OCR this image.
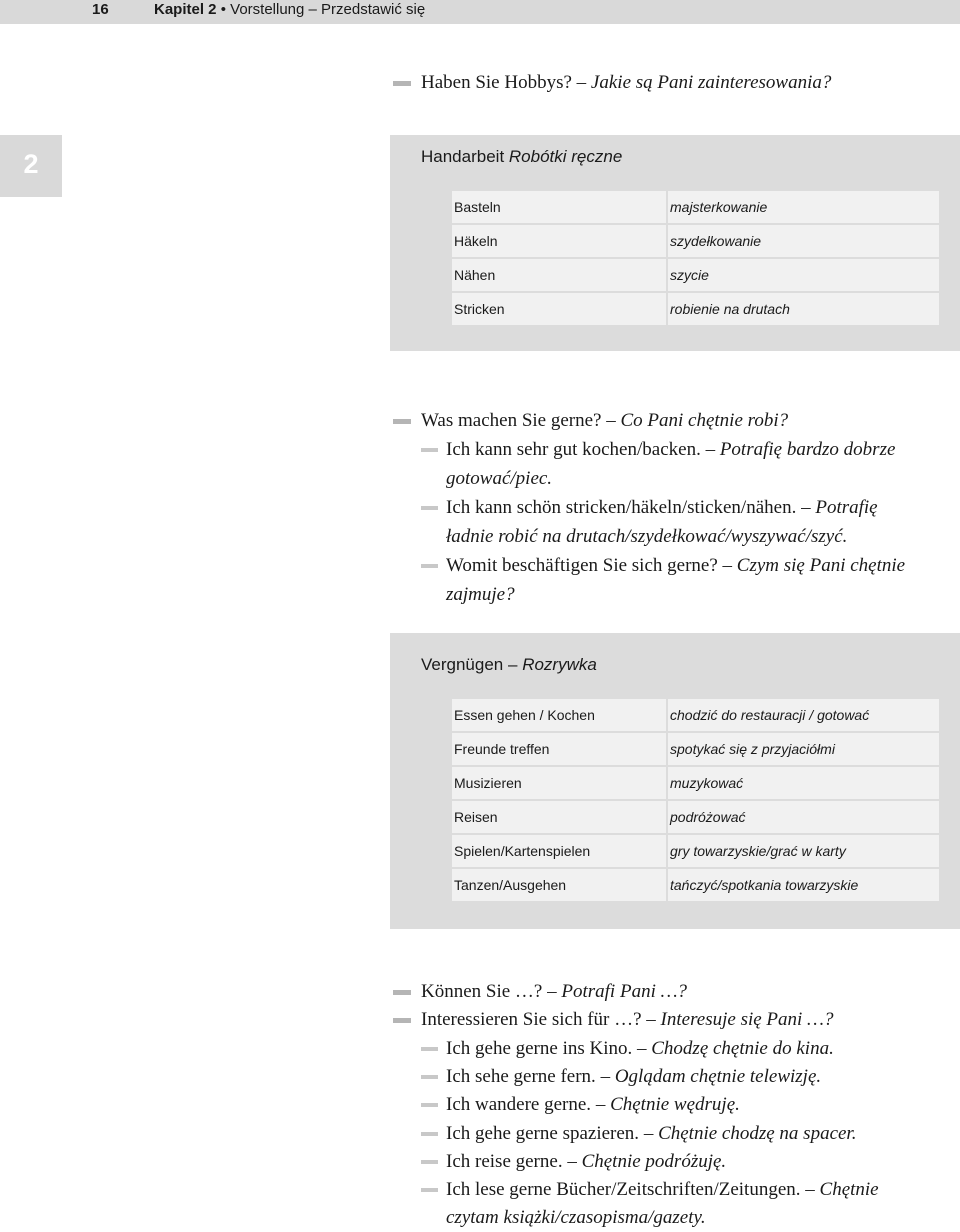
16	Kapitel 2 • Vorstellung – Przedstawić się
2
Haben Sie Hobbys? – Jakie są Pani zainteresowania?
Handarbeit Robótki ręczne
Basteln	majsterkowanie
Häkeln	szydełkowanie
Nähen	szycie
Stricken	robienie na drutach
Was machen Sie gerne? – Co Pani chętnie robi?
Ich kann sehr gut kochen/backen. – Potrafię bardzo dobrze
gotować/piec.
Ich kann schön stricken/häkeln/sticken/nähen. – Potrafię
ładnie robić na drutach/szydełkować/wyszywać/szyć.
Womit beschäftigen Sie sich gerne? – Czym się Pani chętnie
zajmuje?
Vergnügen – Rozrywka
Essen gehen / Kochen	chodzić do restauracji / gotować
Freunde treffen	spotykać się z przyjaciółmi
Musizieren	muzykować
Reisen	podróżować
Spielen/Kartenspielen	gry towarzyskie/grać w karty
Tanzen/Ausgehen	tańczyć/spotkania towarzyskie
Können Sie …? – Potrafi Pani …?
Interessieren Sie sich für …? – Interesuje się Pani …?
Ich gehe gerne ins Kino. – Chodzę chętnie do kina.
Ich sehe gerne fern. – Oglądam chętnie telewizję.
Ich wandere gerne. – Chętnie wędruję.
Ich gehe gerne spazieren. – Chętnie chodzę na spacer.
Ich reise gerne. – Chętnie podróżuję.
Ich lese gerne Bücher/Zeitschriften/Zeitungen. – Chętnie
czytam książki/czasopisma/gazety.
